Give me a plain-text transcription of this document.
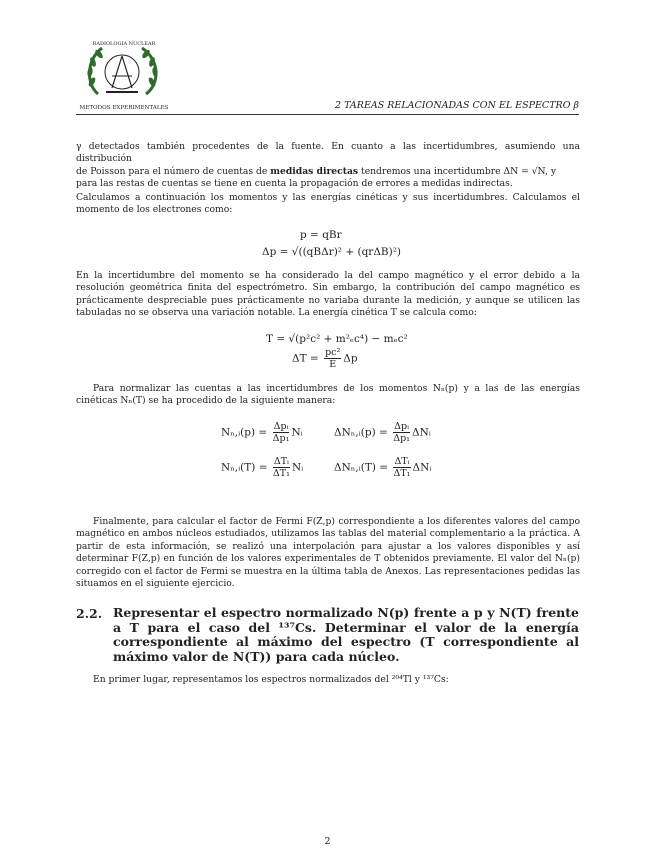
RADIOLOGIA NUCLEAR
METODOS EXPERIMENTALES	2 TAREAS RELACIONADAS CON EL ESPECTRO β
γ detectados también procedentes de la fuente. En cuanto a las incertidumbres, asumiendo una distribución
de Poisson para el número de cuentas de medidas directas tendremos una incertidumbre ΔN = √N, y
para las restas de cuentas se tiene en cuenta la propagación de errores a medidas indirectas.

Calculamos a continuación los momentos y las energías cinéticas y sus incertidumbres. Calculamos el momento de los electrones como:

p = qBr
Δp = √((qBΔr)² + (qrΔB)²)

En la incertidumbre del momento se ha considerado la del campo magnético y el error debido a la resolución geométrica finita del espectrómetro. Sin embargo, la contribución del campo magnético es prácticamente despreciable pues prácticamente no variaba durante la medición, y aunque se utilicen las tabuladas no se observa una variación notable. La energía cinética T se calcula como:

T = √(p²c² + m²ₑc⁴) − mₑc²
$\Delta T = \frac{\text{pc²}}{E}$ Δp

Para normalizar las cuentas a las incertidumbres de los momentos Nₙ(p) y a las de las energías cinéticas Nₙ(T) se ha procedido de la siguiente manera:

Nₙ,ᵢ(p) = $\frac{\text{Δpᵢ}}{\text{Δp₁}}$ Nᵢ	ΔNₙ,ᵢ(p) = $\frac{\text{Δpᵢ}}{\text{Δp₁}}$ ΔNᵢ
Nₙ,ᵢ(T) = $\frac{\text{ΔTᵢ}}{\text{ΔT₁}}$ Nᵢ	ΔNₙ,ᵢ(T) = $\frac{\text{ΔTᵢ}}{\text{ΔT₁}}$ ΔNᵢ

Finalmente, para calcular el factor de Fermi F(Z,p) correspondiente a los diferentes valores del campo magnético en ambos núcleos estudiados, utilizamos las tablas del material complementario a la práctica. A partir de esta información, se realizó una interpolación para ajustar a los valores disponibles y así determinar F(Z,p) en función de los valores experimentales de T obtenidos previamente. El valor del Nₙ(p) corregido con el factor de Fermi se muestra en la última tabla de Anexos. Las representaciones pedidas las situamos en el siguiente ejercicio.

2.2. Representar el espectro normalizado N(p) frente a p y N(T) frente a T para el caso del ¹³⁷Cs. Determinar el valor de la energía correspondiente al máximo del espectro (T correspondiente al máximo valor de N(T)) para cada núcleo.

En primer lugar, representamos los espectros normalizados del ²⁰⁴Tl y ¹³⁷Cs:

2
